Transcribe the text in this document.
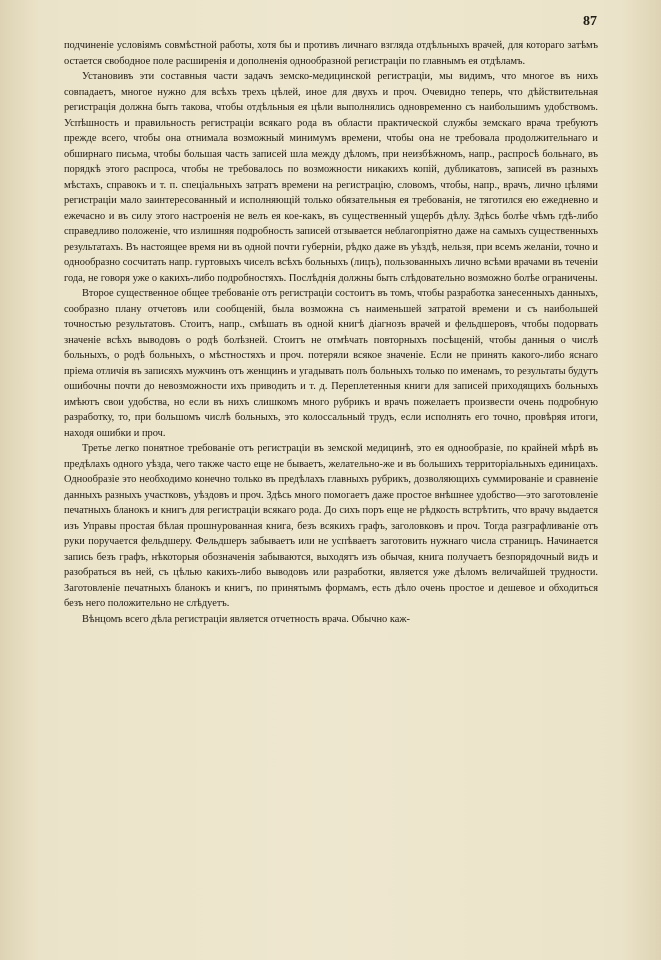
87

подчиненіе условіямъ совмѣстной работы, хотя бы и противъ личнаго взгляда отдѣльныхъ врачей, для котораго затѣмъ остается свободное поле расширенія и дополненія однообразной регистраціи по главнымъ ея отдѣламъ.

Установивъ эти составныя части задачъ земско-медицинской регистраціи, мы видимъ, что многое въ нихъ совпадаетъ, многое нужно для всѣхъ трехъ цѣлей, иное для двухъ и проч. Очевидно теперь, что дѣйствительная регистрація должна быть такова, чтобы отдѣльныя ея цѣли выполнялись одновременно съ наибольшимъ удобствомъ. Успѣшность и правильность регистраціи всякаго рода въ области практической службы земскаго врача требуютъ прежде всего, чтобы она отнимала возможный минимумъ времени, чтобы она не требовала продолжительнаго и обширнаго письма, чтобы большая часть записей шла между дѣломъ, при неизбѣжномъ, напр., распросѣ больнаго, въ порядкѣ этого распроса, чтобы не требовалось по возможности никакихъ копій, дубликатовъ, записей въ разныхъ мѣстахъ, справокъ и т. п. спеціальныхъ затратъ времени на регистрацію, словомъ, чтобы, напр., врачъ, лично цѣлями регистраціи мало заинтересованный и исполняющій только обязательныя ея требованія, не тяготился ею ежедневно и ежечасно и въ силу этого настроенія не велъ ея кое-какъ, въ существенный ущербъ дѣлу. Здѣсь болѣе чѣмъ гдѣ-либо справедливо положеніе, что излишняя подробность записей отзывается неблагопріятно даже на самыхъ существенныхъ результатахъ. Въ настоящее время ни въ одной почти губерніи, рѣдко даже въ уѣздѣ, нельзя, при всемъ желаніи, точно и однообразно сосчитать напр. гуртовыхъ чиселъ всѣхъ больныхъ (лицъ), пользованныхъ лично всѣми врачами въ теченіи года, не говоря уже о какихъ-либо подробностяхъ. Послѣднія должны быть слѣдовательно возможно болѣе ограничены.

Второе существенное общее требованіе отъ регистраціи состоитъ въ томъ, чтобы разработка занесенныхъ данныхъ, сообразно плану отчетовъ или сообщеній, была возможна съ наименьшей затратой времени и съ наибольшей точностью результатовъ. Стоитъ, напр., смѣшать въ одной книгѣ діагнозъ врачей и фельдшеровъ, чтобы подорвать значеніе всѣхъ выводовъ о родѣ болѣзней. Стоитъ не отмѣчать повторныхъ посѣщеній, чтобы данныя о числѣ больныхъ, о родѣ больныхъ, о мѣстностяхъ и проч. потеряли всякое значеніе. Если не принять какого-либо яснаго пріема отличія въ записяхъ мужчинъ отъ женщинъ и угадывать полъ больныхъ только по именамъ, то результаты будутъ ошибочны почти до невозможности ихъ приводить и т. д. Переплетенныя книги для записей приходящихъ больныхъ имѣютъ свои удобства, но если въ нихъ слишкомъ много рубрикъ и врачъ пожелаетъ произвести очень подробную разработку, то, при большомъ числѣ больныхъ, это колоссальный трудъ, если исполнять его точно, провѣряя итоги, находя ошибки и проч.

Третье легко понятное требованіе отъ регистраціи въ земской медицинѣ, это ея однообразіе, по крайней мѣрѣ въ предѣлахъ одного уѣзда, чего также часто еще не бываетъ, желательно-же и въ большихъ территоріальныхъ единицахъ. Однообразіе это необходимо конечно только въ предѣлахъ главныхъ рубрикъ, дозволяющихъ суммированіе и сравненіе данныхъ разныхъ участковъ, уѣздовъ и проч. Здѣсь много помогаетъ даже простое внѣшнее удобство—это заготовленіе печатныхъ бланокъ и книгъ для регистраціи всякаго рода. До сихъ поръ еще не рѣдкость встрѣтить, что врачу выдается изъ Управы простая бѣлая прошнурованная книга, безъ всякихъ графъ, заголовковъ и проч. Тогда разграфливаніе отъ руки поручается фельдшеру. Фельдшеръ забываетъ или не успѣваетъ заготовить нужнаго числа страницъ. Начинается запись безъ графъ, нѣкоторыя обозначенія забываются, выходятъ изъ обычая, книга получаетъ безпорядочный видъ и разобраться въ ней, съ цѣлью какихъ-либо выводовъ или разработки, является уже дѣломъ величайшей трудности. Заготовленіе печатныхъ бланокъ и книгъ, по принятымъ формамъ, есть дѣло очень простое и дешевое и обходиться безъ него положительно не слѣдуетъ.

Вѣнцомъ всего дѣла регистраціи является отчетность врача. Обычно каж-
